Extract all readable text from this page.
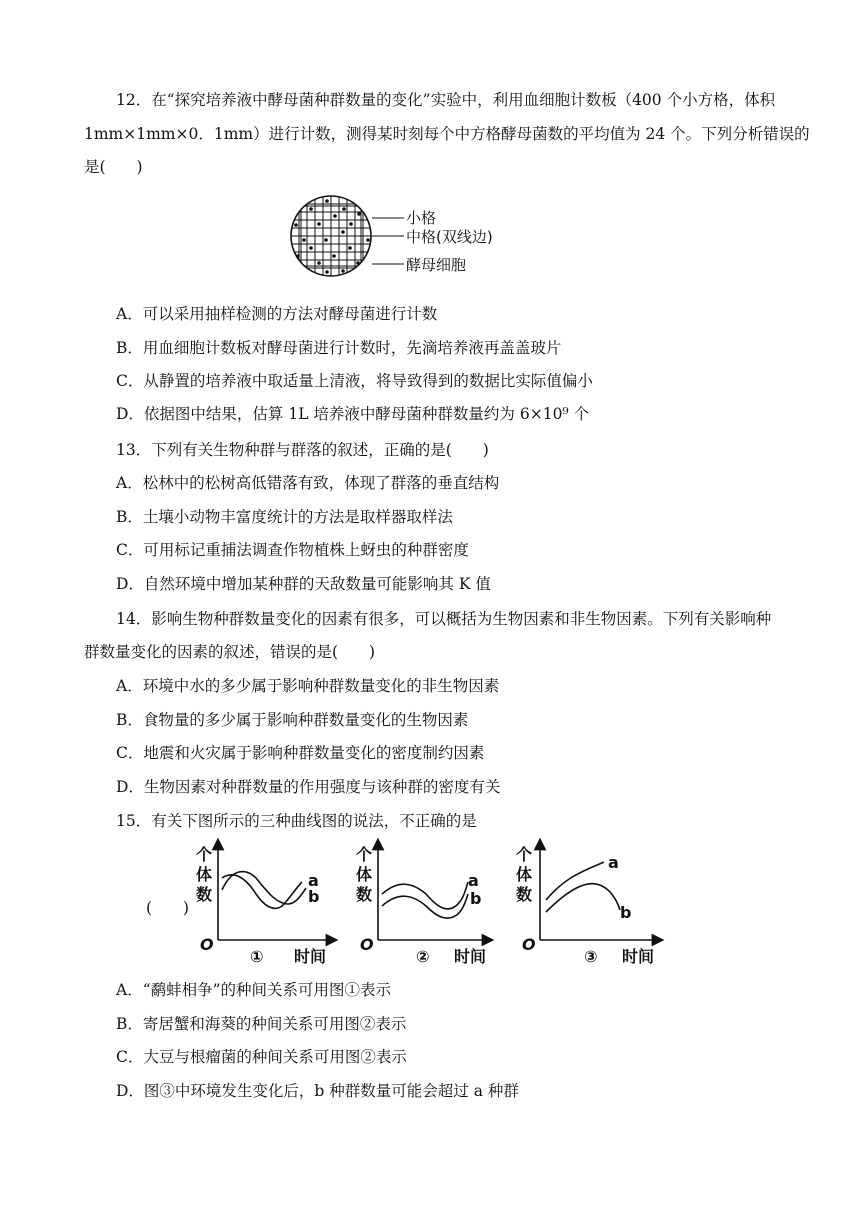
12．在“探究培养液中酵母菌种群数量的变化”实验中，利用血细胞计数板（400 个小方格，体积
1mm×1mm×0．1mm）进行计数，测得某时刻每个中方格酵母菌数的平均值为 24 个。下列分析错误的
是(　　)
小格
中格(双线边)
酵母细胞
A．可以采用抽样检测的方法对酵母菌进行计数
B．用血细胞计数板对酵母菌进行计数时，先滴培养液再盖盖玻片
C．从静置的培养液中取适量上清液，将导致得到的数据比实际值偏小
D．依据图中结果，估算 1L 培养液中酵母菌种群数量约为 6×10⁹ 个
13．下列有关生物种群与群落的叙述，正确的是(　　)
A．松林中的松树高低错落有致，体现了群落的垂直结构
B．土壤小动物丰富度统计的方法是取样器取样法
C．可用标记重捕法调查作物植株上蚜虫的种群密度
D．自然环境中增加某种群的天敌数量可能影响其 K 值
14．影响生物种群数量变化的因素有很多，可以概括为生物因素和非生物因素。下列有关影响种
群数量变化的因素的叙述，错误的是(　　)
A．环境中水的多少属于影响种群数量变化的非生物因素
B．食物量的多少属于影响种群数量变化的生物因素
C．地震和火灾属于影响种群数量变化的密度制约因素
D．生物因素对种群数量的作用强度与该种群的密度有关
15．有关下图所示的三种曲线图的说法，不正确的是
(　　)
个
体
数
a
b
① 时间
个
体
数
a
b
② 时间
个
体
数
a
b
③ 时间
O	O	O
A．“鹬蚌相争”的种间关系可用图①表示
B．寄居蟹和海葵的种间关系可用图②表示
C．大豆与根瘤菌的种间关系可用图②表示
D．图③中环境发生变化后，b 种群数量可能会超过 a 种群
